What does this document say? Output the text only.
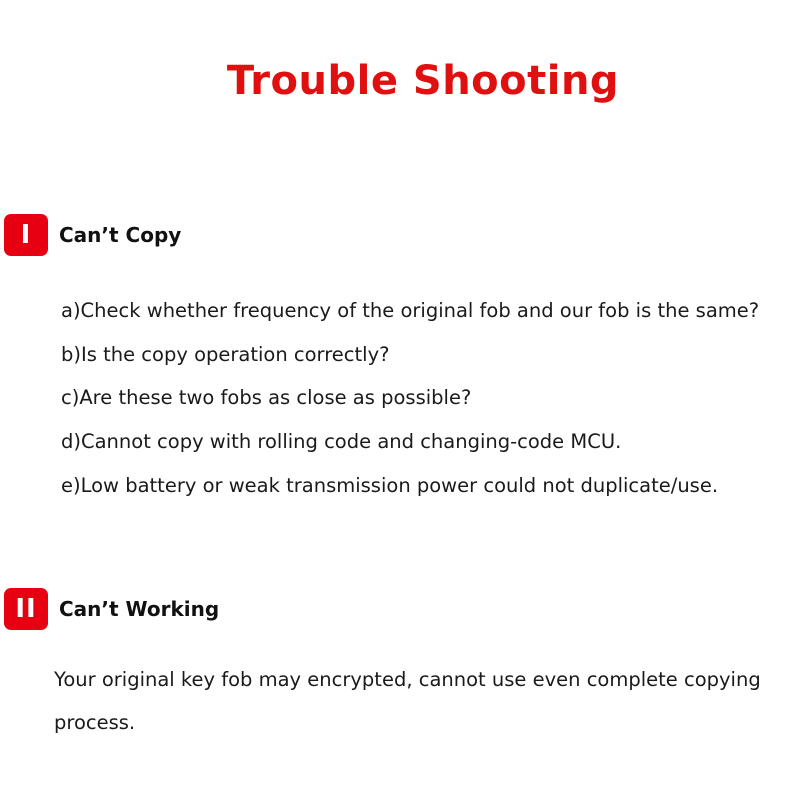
Trouble Shooting
I	Can’t Copy

a)Check whether frequency of the original fob and our fob is the same?

b)Is the copy operation correctly?

c)Are these two fobs as close as possible?

d)Cannot copy with rolling code and changing-code MCU.

e)Low battery or weak transmission power could not duplicate/use.

II	Can’t Working

Your original key fob may encrypted, cannot use even complete copying process.
